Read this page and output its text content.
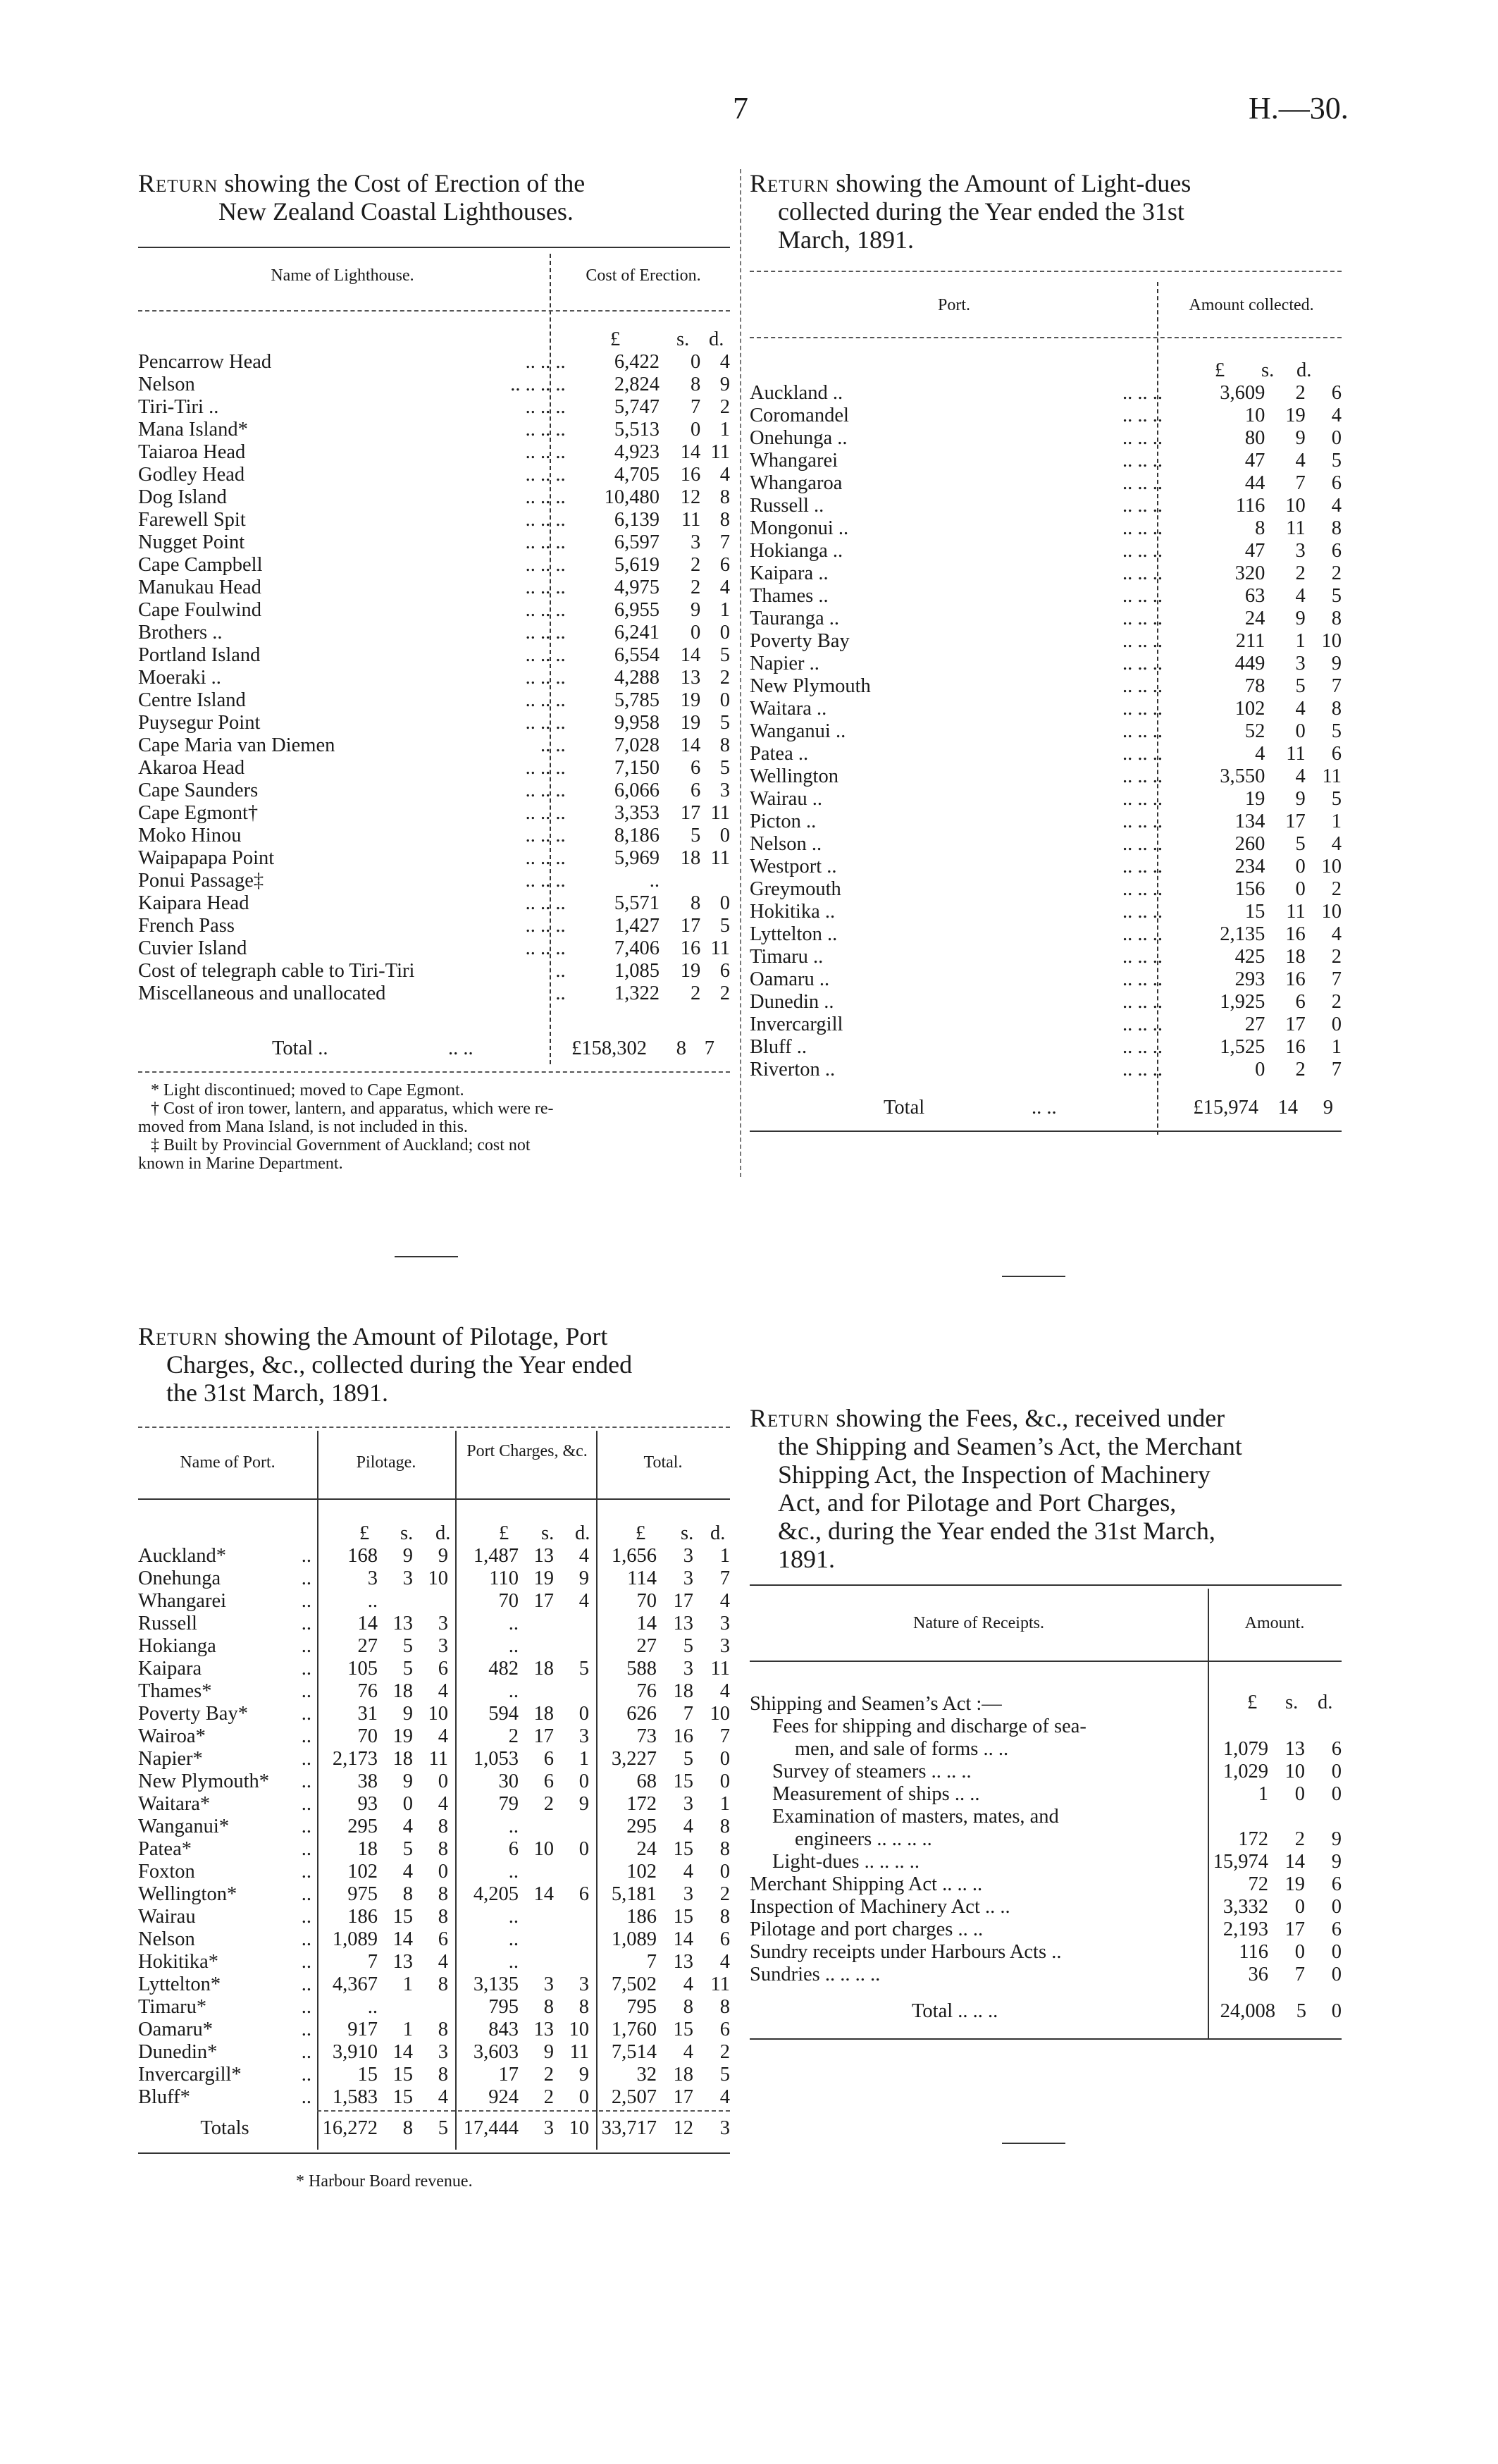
7	H.—30.
Return showing the Cost of Erection of the
New Zealand Coastal Lighthouses.
Name of Lighthouse.	Cost of Erection.
£	s. d.
Pencarrow Head	.. .. ..	6,422	0	4
Nelson	.. .. .. ..	2,824	8	9
Tiri-Tiri ..	.. .. ..	5,747	7	2
Mana Island*	.. .. ..	5,513	0	1
Taiaroa Head	.. .. ..	4,923	14	11
Godley Head	.. .. ..	4,705	16	4
Dog Island	.. .. ..	10,480	12	8
Farewell Spit	.. .. ..	6,139	11	8
Nugget Point	.. .. ..	6,597	3	7
Cape Campbell	.. .. ..	5,619	2	6
Manukau Head	.. .. ..	4,975	2	4
Cape Foulwind	.. .. ..	6,955	9	1
Brothers ..	.. .. ..	6,241	0	0
Portland Island	.. .. ..	6,554	14	5
Moeraki ..	.. .. ..	4,288	13	2
Centre Island	.. .. ..	5,785	19	0
Puysegur Point	.. .. ..	9,958	19	5
Cape Maria van Diemen	.. ..	7,028	14	8
Akaroa Head	.. .. ..	7,150	6	5
Cape Saunders	.. .. ..	6,066	6	3
Cape Egmont†	.. .. ..	3,353	17	11
Moko Hinou	.. .. ..	8,186	5	0
Waipapapa Point	.. .. ..	5,969	18	11
Ponui Passage‡	.. .. ..	..		
Kaipara Head	.. .. ..	5,571	8	0
French Pass	.. .. ..	1,427	17	5
Cuvier Island	.. .. ..	7,406	16	11
Cost of telegraph cable to Tiri-Tiri	..	1,085	19	6
Miscellaneous and unallocated	..	1,322	2	2
Total ..	.. ..	£158,302	8 7
* Light discontinued; moved to Cape Egmont.
† Cost of iron tower, lantern, and apparatus, which were re-
moved from Mana Island, is not included in this.
‡ Built by Provincial Government of Auckland; cost not
known in Marine Department.
Return showing the Amount of Light-dues
collected during the Year ended the 31st
March, 1891.
Port.	Amount collected.
£ s. d.
Auckland ..	.. .. ..	3,609	2	6
Coromandel	.. .. ..	10	19	4
Onehunga ..	.. .. ..	80	9	0
Whangarei	.. .. ..	47	4	5
Whangaroa	.. .. ..	44	7	6
Russell ..	.. .. ..	116	10	4
Mongonui ..	.. .. ..	8	11	8
Hokianga ..	.. .. ..	47	3	6
Kaipara ..	.. .. ..	320	2	2
Thames ..	.. .. ..	63	4	5
Tauranga ..	.. .. ..	24	9	8
Poverty Bay	.. .. ..	211	1	10
Napier ..	.. .. ..	449	3	9
New Plymouth	.. .. ..	78	5	7
Waitara ..	.. .. ..	102	4	8
Wanganui ..	.. .. ..	52	0	5
Patea ..	.. .. ..	4	11	6
Wellington	.. .. ..	3,550	4	11
Wairau ..	.. .. ..	19	9	5
Picton ..	.. .. ..	134	17	1
Nelson ..	.. .. ..	260	5	4
Westport ..	.. .. ..	234	0	10
Greymouth	.. .. ..	156	0	2
Hokitika ..	.. .. ..	15	11	10
Lyttelton ..	.. .. ..	2,135	16	4
Timaru ..	.. .. ..	425	18	2
Oamaru ..	.. .. ..	293	16	7
Dunedin ..	.. .. ..	1,925	6	2
Invercargill	.. .. ..	27	17	0
Bluff ..	.. .. ..	1,525	16	1
Riverton ..	.. .. ..	0	2	7
Total	.. ..	£15,974 14	9
Return showing the Amount of Pilotage, Port
Charges, &c., collected during the Year ended
the 31st March, 1891.
Name of Port.	Pilotage.
Port Charges, &c.
Total.
£ s. d. £ s. d. £ s. d.
Auckland*	..	168	9	9	1,487	13	4	1,656	3	1
Onehunga	..	3	3	10	110	19	9	114	3	7
Whangarei	..	..			70	17	4	70	17	4
Russell	..	14	13	3	..			14	13	3
Hokianga	..	27	5	3	..			27	5	3
Kaipara	..	105	5	6	482	18	5	588	3	11
Thames*	..	76	18	4	..			76	18	4
Poverty Bay*	..	31	9	10	594	18	0	626	7	10
Wairoa*	..	70	19	4	2	17	3	73	16	7
Napier*	..	2,173	18	11	1,053	6	1	3,227	5	0
New Plymouth*	..	38	9	0	30	6	0	68	15	0
Waitara*	..	93	0	4	79	2	9	172	3	1
Wanganui*	..	295	4	8	..			295	4	8
Patea*	..	18	5	8	6	10	0	24	15	8
Foxton	..	102	4	0	..			102	4	0
Wellington*	..	975	8	8	4,205	14	6	5,181	3	2
Wairau	..	186	15	8	..			186	15	8
Nelson	..	1,089	14	6	..			1,089	14	6
Hokitika*	..	7	13	4	..			7	13	4
Lyttelton*	..	4,367	1	8	3,135	3	3	7,502	4	11
Timaru*	..	..			795	8	8	795	8	8
Oamaru*	..	917	1	8	843	13	10	1,760	15	6
Dunedin*	..	3,910	14	3	3,603	9	11	7,514	4	2
Invercargill*	..	15	15	8	17	2	9	32	18	5
Bluff*	..	1,583	15	4	924	2	0	2,507	17	4
Totals	16,272	8	5	17,444	3	10	33,717	12	3
* Harbour Board revenue.
Return showing the Fees, &c., received under
the Shipping and Seamen’s Act, the Merchant
Shipping Act, the Inspection of Machinery
Act, and for Pilotage and Port Charges,
&c., during the Year ended the 31st March,
1891.
Nature of Receipts.	Amount.
£ s. d.

Shipping and Seamen’s Act :—			
Fees for shipping and discharge of sea-			
men, and sale of forms .. ..	1,079	13	6
Survey of steamers .. .. ..	1,029	10	0
Measurement of ships .. ..	1	0	0
Examination of masters, mates, and			
engineers .. .. .. ..	172	2	9
Light-dues .. .. .. ..	15,974	14	9
Merchant Shipping Act .. .. ..	72	19	6
Inspection of Machinery Act .. ..	3,332	0	0
Pilotage and port charges .. ..	2,193	17	6
Sundry receipts under Harbours Acts ..	116	0	0
Sundries .. .. .. ..	36	7	0
Total .. .. ..	24,008	5	0
